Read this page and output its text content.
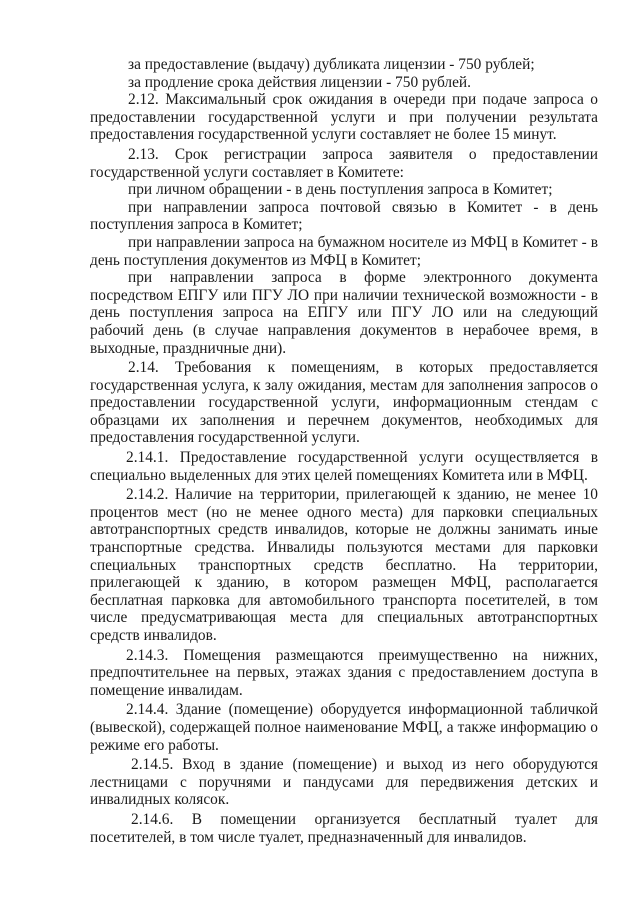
за предоставление (выдачу) дубликата лицензии - 750 рублей;

за продление срока действия лицензии - 750 рублей.

2.12. Максимальный срок ожидания в очереди при подаче запроса о предоставлении государственной услуги и при получении результата предоставления государственной услуги составляет не более 15 минут.

2.13. Срок регистрации запроса заявителя о предоставлении государственной услуги составляет в Комитете:

при личном обращении - в день поступления запроса в Комитет;

при направлении запроса почтовой связью в Комитет - в день поступления запроса в Комитет;

при направлении запроса на бумажном носителе из МФЦ в Комитет - в день поступления документов из МФЦ в Комитет;

при направлении запроса в форме электронного документа посредством ЕПГУ или ПГУ ЛО при наличии технической возможности - в день поступления запроса на ЕПГУ или ПГУ ЛО или на следующий рабочий день (в случае направления документов в нерабочее время, в выходные, праздничные дни).

2.14. Требования к помещениям, в которых предоставляется государственная услуга, к залу ожидания, местам для заполнения запросов о предоставлении государственной услуги, информационным стендам с образцами их заполнения и перечнем документов, необходимых для предоставления государственной услуги.

2.14.1. Предоставление государственной услуги осуществляется в специально выделенных для этих целей помещениях Комитета или в МФЦ.

2.14.2. Наличие на территории, прилегающей к зданию, не менее 10 процентов мест (но не менее одного места) для парковки специальных автотранспортных средств инвалидов, которые не должны занимать иные транспортные средства. Инвалиды пользуются местами для парковки специальных транспортных средств бесплатно. На территории, прилегающей к зданию, в котором размещен МФЦ, располагается бесплатная парковка для автомобильного транспорта посетителей, в том числе предусматривающая места для специальных автотранспортных средств инвалидов.

2.14.3. Помещения размещаются преимущественно на нижних, предпочтительнее на первых, этажах здания с предоставлением доступа в помещение инвалидам.

2.14.4. Здание (помещение) оборудуется информационной табличкой (вывеской), содержащей полное наименование МФЦ, а также информацию о режиме его работы.

2.14.5. Вход в здание (помещение) и выход из него оборудуются лестницами с поручнями и пандусами для передвижения детских и инвалидных колясок.

2.14.6. В помещении организуется бесплатный туалет для посетителей, в том числе туалет, предназначенный для инвалидов.
